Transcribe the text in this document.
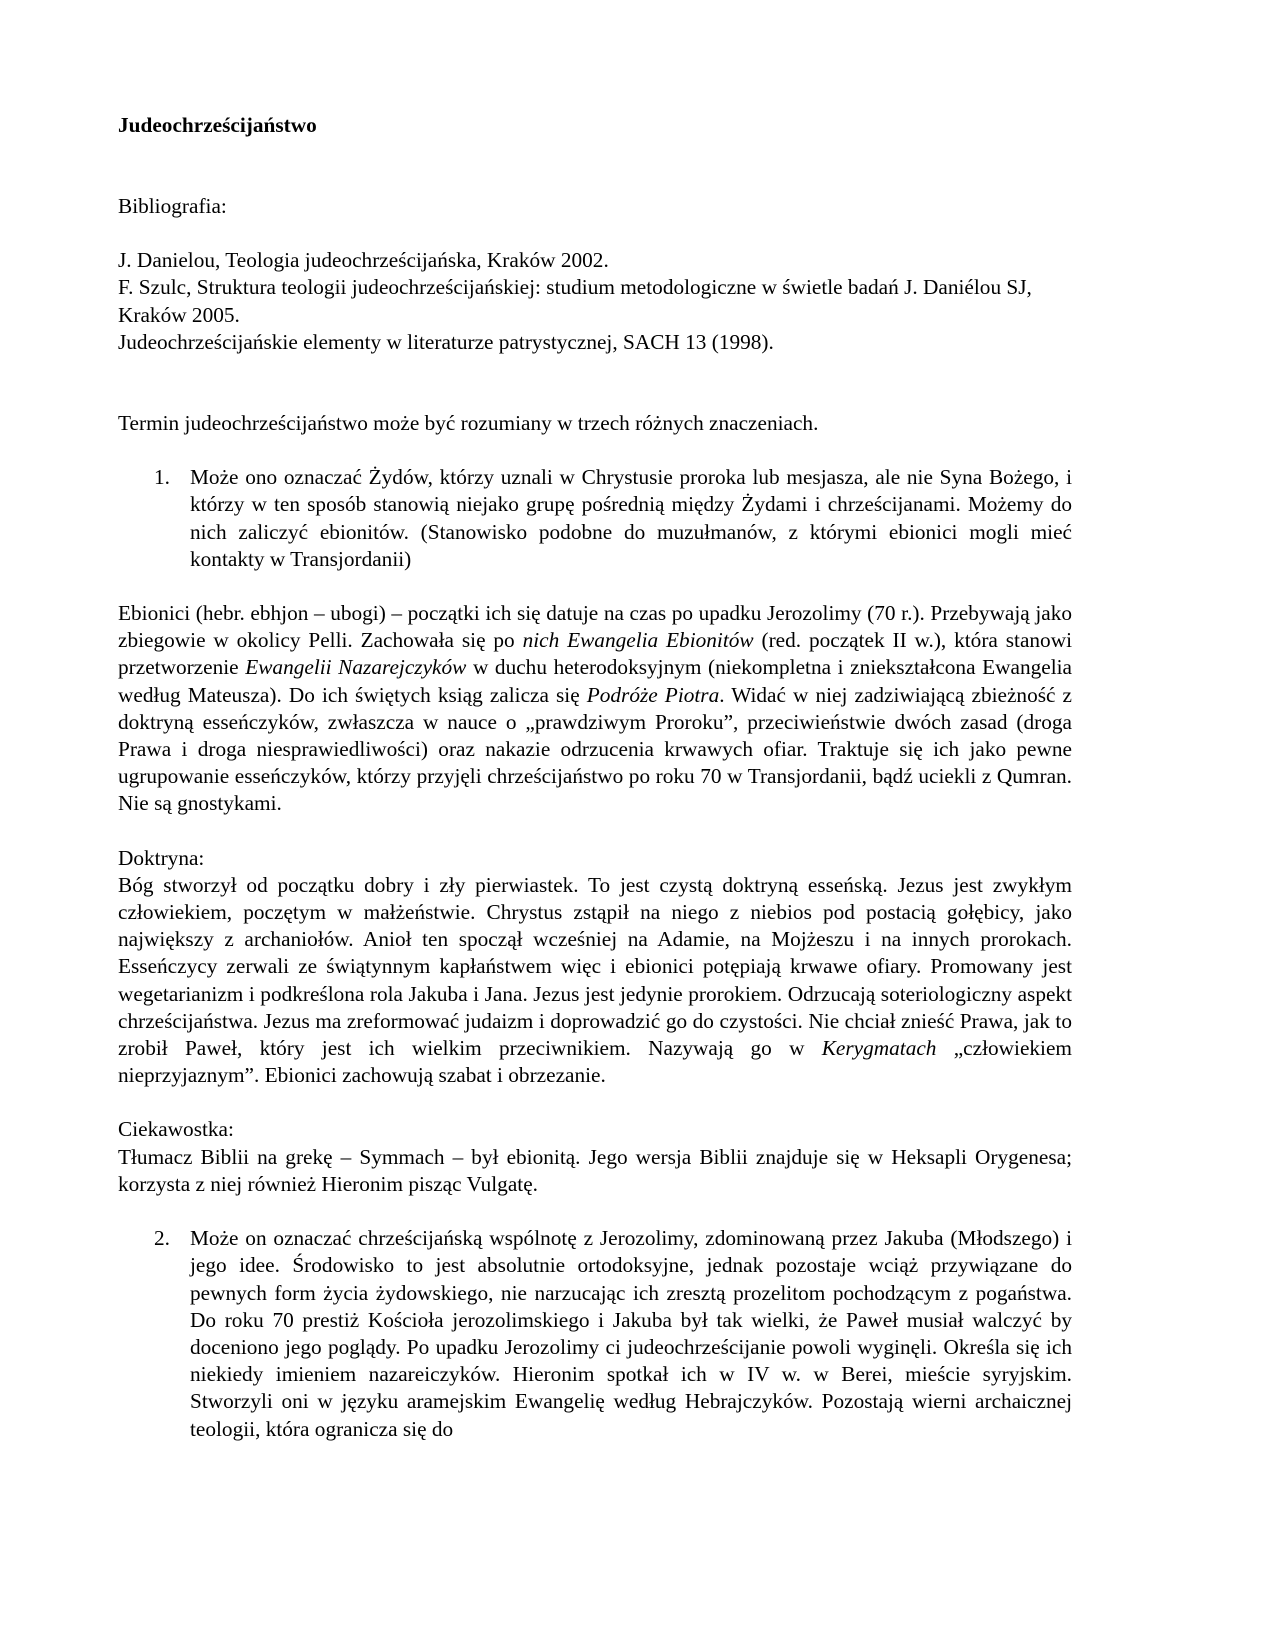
Judeochrześcijaństwo

Bibliografia:

J. Danielou, Teologia judeochrześcijańska, Kraków 2002.

F. Szulc, Struktura teologii judeochrześcijańskiej: studium metodologiczne w świetle badań J. Daniélou SJ, Kraków 2005.

Judeochrześcijańskie elementy w literaturze patrystycznej, SACH 13 (1998).

Termin judeochrześcijaństwo może być rozumiany w trzech różnych znaczeniach.

1. Może ono oznaczać Żydów, którzy uznali w Chrystusie proroka lub mesjasza, ale nie Syna Bożego, i którzy w ten sposób stanowią niejako grupę pośrednią między Żydami i chrześcijanami. Możemy do nich zaliczyć ebionitów. (Stanowisko podobne do muzułmanów, z którymi ebionici mogli mieć kontakty w Transjordanii)

Ebionici (hebr. ebhjon – ubogi) – początki ich się datuje na czas po upadku Jerozolimy (70 r.). Przebywają jako zbiegowie w okolicy Pelli. Zachowała się po nich Ewangelia Ebionitów (red. początek II w.), która stanowi przetworzenie Ewangelii Nazarejczyków w duchu heterodoksyjnym (niekompletna i zniekształcona Ewangelia według Mateusza). Do ich świętych ksiąg zalicza się Podróże Piotra. Widać w niej zadziwiającą zbieżność z doktryną esseńczyków, zwłaszcza w nauce o „prawdziwym Proroku”, przeciwieństwie dwóch zasad (droga Prawa i droga niesprawiedliwości) oraz nakazie odrzucenia krwawych ofiar. Traktuje się ich jako pewne ugrupowanie esseńczyków, którzy przyjęli chrześcijaństwo po roku 70 w Transjordanii, bądź uciekli z Qumran. Nie są gnostykami.

Doktryna:

Bóg stworzył od początku dobry i zły pierwiastek. To jest czystą doktryną esseńską. Jezus jest zwykłym człowiekiem, poczętym w małżeństwie. Chrystus zstąpił na niego z niebios pod postacią gołębicy, jako największy z archaniołów. Anioł ten spoczął wcześniej na Adamie, na Mojżeszu i na innych prorokach. Esseńczycy zerwali ze świątynnym kapłaństwem więc i ebionici potępiają krwawe ofiary. Promowany jest wegetarianizm i podkreślona rola Jakuba i Jana. Jezus jest jedynie prorokiem. Odrzucają soteriologiczny aspekt chrześcijaństwa. Jezus ma zreformować judaizm i doprowadzić go do czystości. Nie chciał znieść Prawa, jak to zrobił Paweł, który jest ich wielkim przeciwnikiem. Nazywają go w Kerygmatach „człowiekiem nieprzyjaznym”. Ebionici zachowują szabat i obrzezanie.

Ciekawostka:

Tłumacz Biblii na grekę – Symmach – był ebionitą. Jego wersja Biblii znajduje się w Heksapli Orygenesa; korzysta z niej również Hieronim pisząc Vulgatę.

2. Może on oznaczać chrześcijańską wspólnotę z Jerozolimy, zdominowaną przez Jakuba (Młodszego) i jego idee. Środowisko to jest absolutnie ortodoksyjne, jednak pozostaje wciąż przywiązane do pewnych form życia żydowskiego, nie narzucając ich zresztą prozelitom pochodzącym z pogaństwa. Do roku 70 prestiż Kościoła jerozolimskiego i Jakuba był tak wielki, że Paweł musiał walczyć by doceniono jego poglądy. Po upadku Jerozolimy ci judeochrześcijanie powoli wyginęli. Określa się ich niekiedy imieniem nazareiczyków. Hieronim spotkał ich w IV w. w Berei, mieście syryjskim. Stworzyli oni w języku aramejskim Ewangelię według Hebrajczyków. Pozostają wierni archaicznej teologii, która ogranicza się do
